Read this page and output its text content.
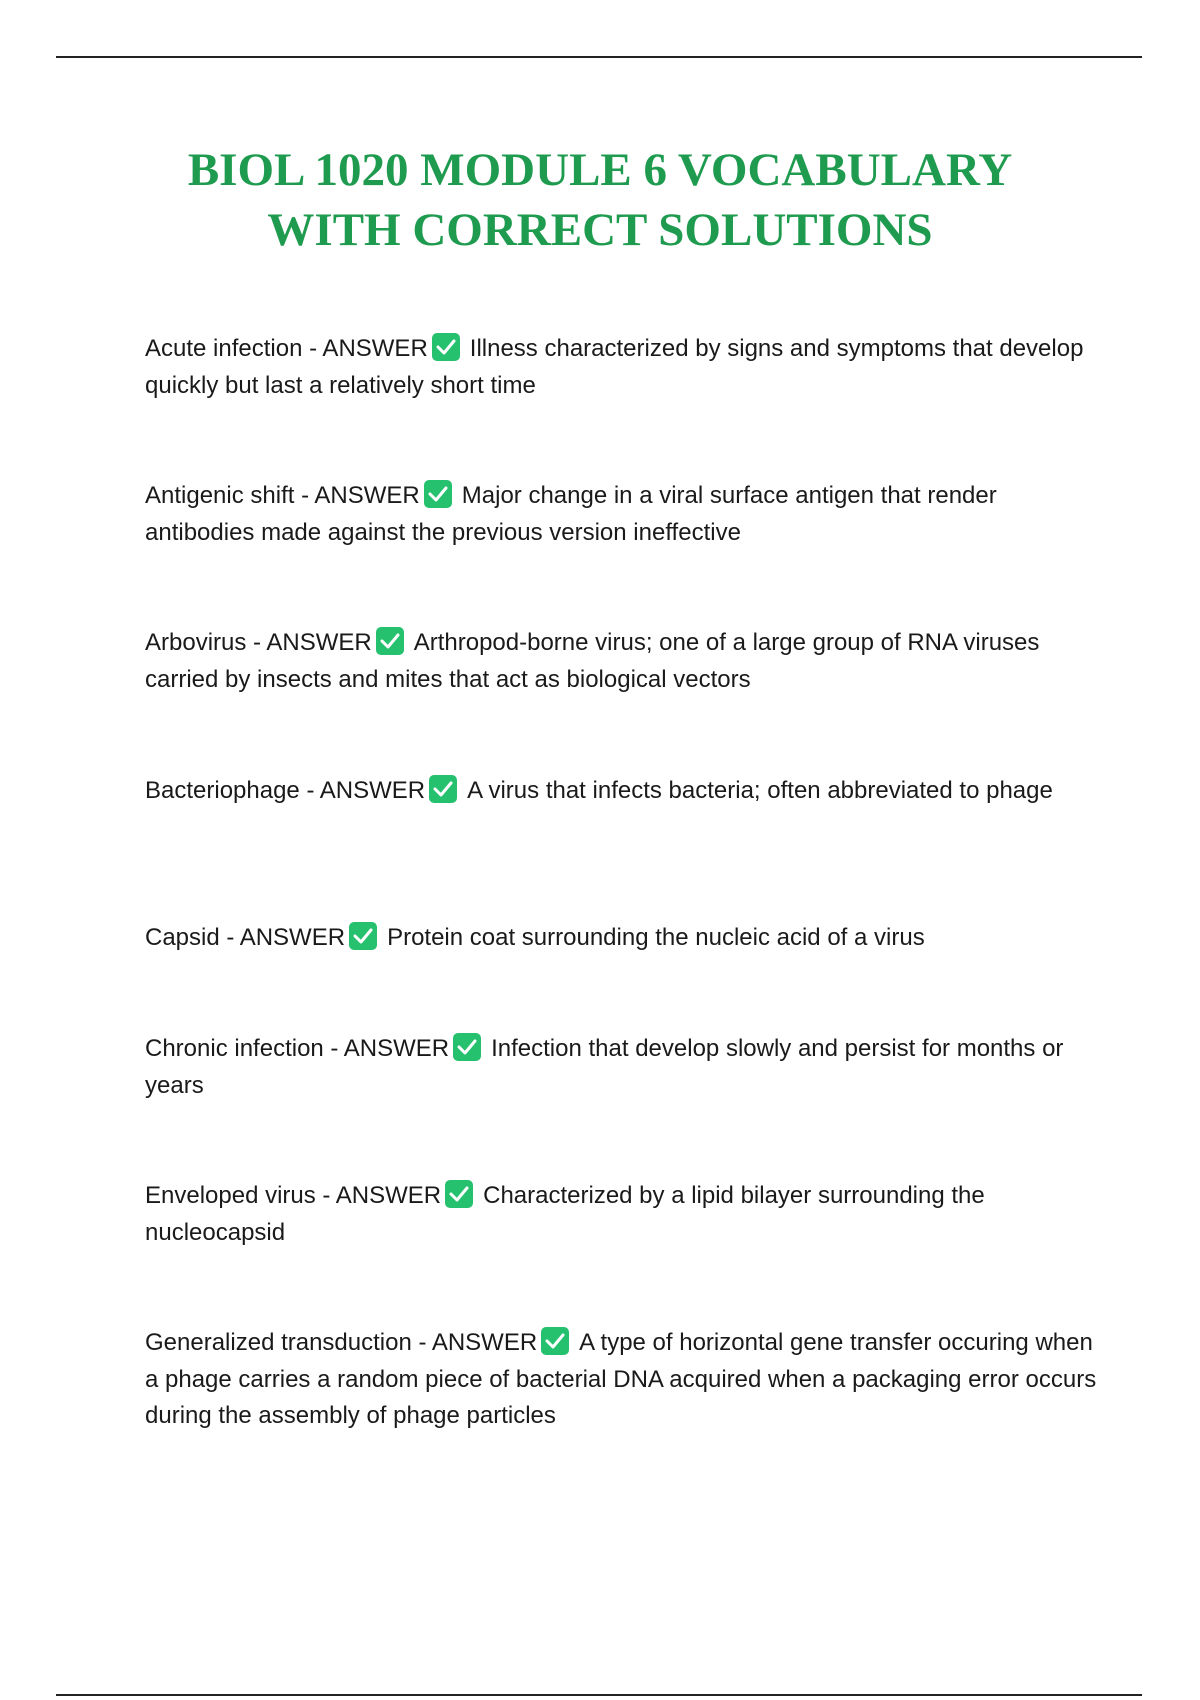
BIOL 1020 MODULE 6 VOCABULARY
WITH CORRECT SOLUTIONS
Acute infection - ANSWER Illness characterized by signs and symptoms that develop quickly but last a relatively short time
Antigenic shift - ANSWER Major change in a viral surface antigen that render antibodies made against the previous version ineffective
Arbovirus - ANSWER Arthropod-borne virus; one of a large group of RNA viruses carried by insects and mites that act as biological vectors
Bacteriophage - ANSWER A virus that infects bacteria; often abbreviated to phage
Capsid - ANSWER Protein coat surrounding the nucleic acid of a virus
Chronic infection - ANSWER Infection that develop slowly and persist for months or years
Enveloped virus - ANSWER Characterized by a lipid bilayer surrounding the nucleocapsid
Generalized transduction - ANSWER A type of horizontal gene transfer occuring when a phage carries a random piece of bacterial DNA acquired when a packaging error occurs during the assembly of phage particles
